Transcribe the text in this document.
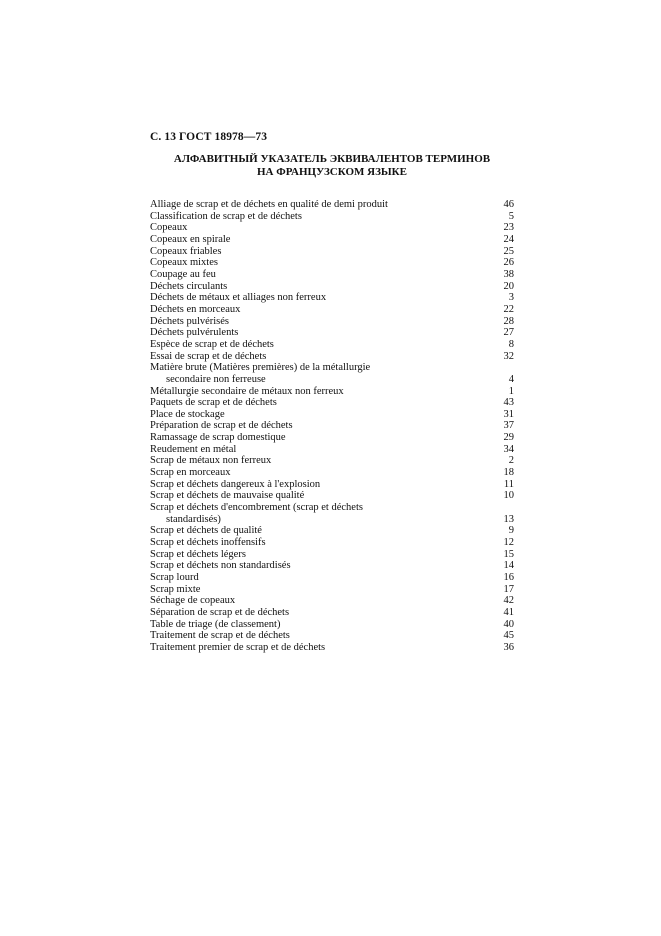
С. 13 ГОСТ 18978—73
АЛФАВИТНЫЙ УКАЗАТЕЛЬ ЭКВИВАЛЕНТОВ ТЕРМИНОВ
НА ФРАНЦУЗСКОМ ЯЗЫКЕ
Alliage de scrap et de déchets en qualité de demi produit	46
Classification de scrap et de déchets	5
Copeaux	23
Copeaux en spirale	24
Copeaux friables	25
Copeaux mixtes	26
Coupage au feu	38
Déchets circulants	20
Déchets de métaux et alliages non ferreux	3
Déchets en morceaux	22
Déchets pulvérisés	28
Déchets pulvérulents	27
Espèce de scrap et de déchets	8
Essai de scrap et de déchets	32
Matière brute (Matières premières) de la métallurgie
secondaire non ferreuse	4
Métallurgie secondaire de métaux non ferreux	1
Paquets de scrap et de déchets	43
Place de stockage	31
Préparation de scrap et de déchets	37
Ramassage de scrap domestique	29
Reudement en métal	34
Scrap de métaux non ferreux	2
Scrap en morceaux	18
Scrap et déchets dangereux à l'explosion	11
Scrap et déchets de mauvaise qualité	10
Scrap et déchets d'encombrement (scrap et déchets
standardisés)	13
Scrap et déchets de qualité	9
Scrap et déchets inoffensifs	12
Scrap et déchets légers	15
Scrap et déchets non standardisés	14
Scrap lourd	16
Scrap mixte	17
Séchage de copeaux	42
Séparation de scrap et de déchets	41
Table de triage (de classement)	40
Traitement de scrap et de déchets	45
Traitement premier de scrap et de déchets	36
